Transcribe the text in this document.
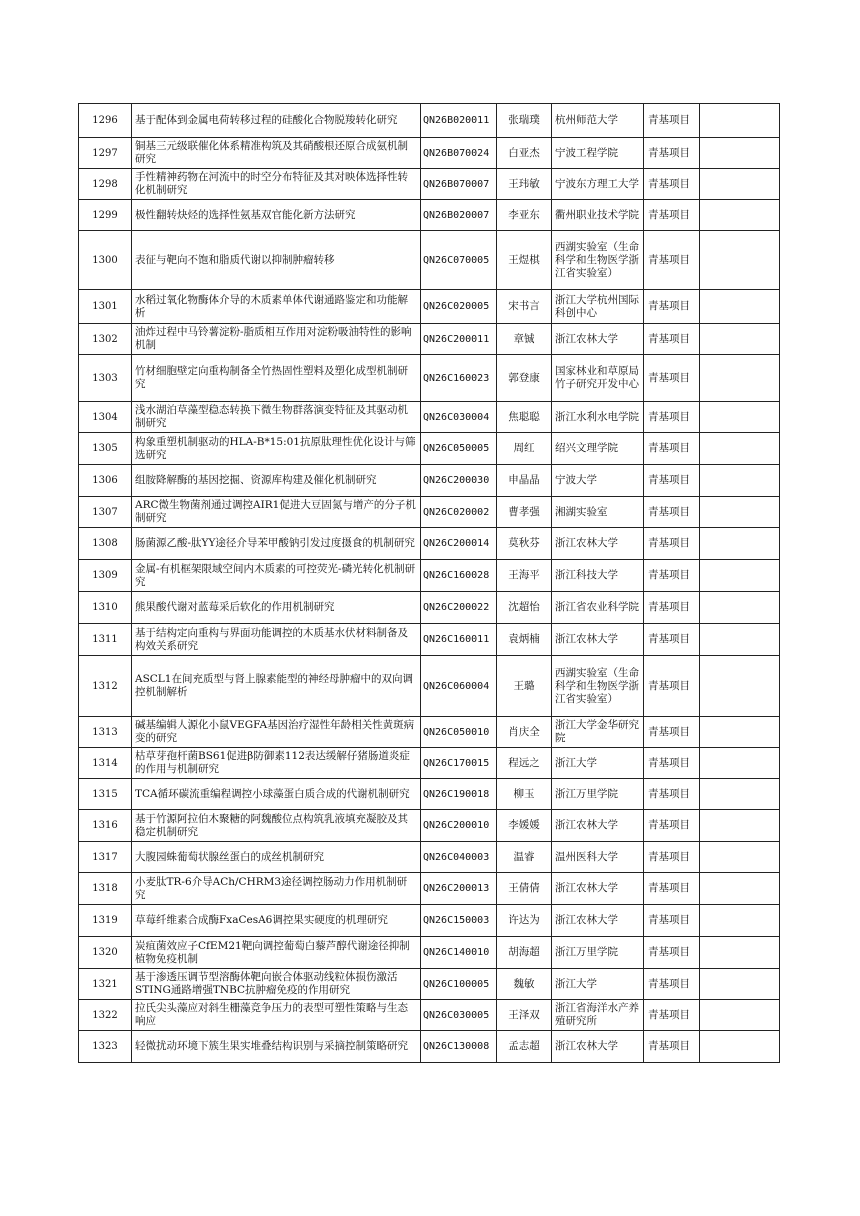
1296	基于配体到金属电荷转移过程的硅酸化合物脱羧转化研究	QN26B020011	张瑞璞	杭州师范大学	青基项目	
1297	铜基三元级联催化体系精准构筑及其硝酸根还原合成氨机制研究	QN26B070024	白亚杰	宁波工程学院	青基项目	
1298	手性精神药物在河流中的时空分布特征及其对映体选择性转化机制研究	QN26B070007	王玮敏	宁波东方理工大学	青基项目	
1299	极性翻转炔烃的选择性氨基双官能化新方法研究	QN26B020007	李亚东	衢州职业技术学院	青基项目	
1300	表征与靶向不饱和脂质代谢以抑制肿瘤转移	QN26C070005	王煜棋	西湖实验室（生命科学和生物医学浙江省实验室）	青基项目	
1301	水稻过氧化物酶体介导的木质素单体代谢通路鉴定和功能解析	QN26C020005	宋书言	浙江大学杭州国际科创中心	青基项目	
1302	油炸过程中马铃薯淀粉-脂质相互作用对淀粉吸油特性的影响机制	QN26C200011	章铖	浙江农林大学	青基项目	
1303	竹材细胞壁定向重构制备全竹热固性塑料及塑化成型机制研究	QN26C160023	郭登康	国家林业和草原局竹子研究开发中心	青基项目	
1304	浅水湖泊草藻型稳态转换下微生物群落演变特征及其驱动机制研究	QN26C030004	焦聪聪	浙江水利水电学院	青基项目	
1305	构象重塑机制驱动的HLA-B*15:01抗原肽理性优化设计与筛选研究	QN26C050005	周红	绍兴文理学院	青基项目	
1306	组胺降解酶的基因挖掘、资源库构建及催化机制研究	QN26C200030	申晶晶	宁波大学	青基项目	
1307	ARC微生物菌剂通过调控AIR1促进大豆固氮与增产的分子机制研究	QN26C020002	曹孝强	湘湖实验室	青基项目	
1308	肠菌源乙酸-肽YY途径介导苯甲酸钠引发过度摄食的机制研究	QN26C200014	莫秋芬	浙江农林大学	青基项目	
1309	金属-有机框架限域空间内木质素的可控荧光-磷光转化机制研究	QN26C160028	王海平	浙江科技大学	青基项目	
1310	熊果酸代谢对蓝莓采后软化的作用机制研究	QN26C200022	沈超怡	浙江省农业科学院	青基项目	
1311	基于结构定向重构与界面功能调控的木质基水伏材料制备及构效关系研究	QN26C160011	袁炳楠	浙江农林大学	青基项目	
1312	ASCL1在间充质型与肾上腺素能型的神经母肿瘤中的双向调控机制解析	QN26C060004	王璐	西湖实验室（生命科学和生物医学浙江省实验室）	青基项目	
1313	碱基编辑人源化小鼠VEGFA基因治疗湿性年龄相关性黄斑病变的研究	QN26C050010	肖庆全	浙江大学金华研究院	青基项目	
1314	枯草芽孢杆菌BS61促进β防御素112表达缓解仔猪肠道炎症的作用与机制研究	QN26C170015	程远之	浙江大学	青基项目	
1315	TCA循环碳流重编程调控小球藻蛋白质合成的代谢机制研究	QN26C190018	柳玉	浙江万里学院	青基项目	
1316	基于竹源阿拉伯木聚糖的阿魏酸位点构筑乳液填充凝胶及其稳定机制研究	QN26C200010	李媛媛	浙江农林大学	青基项目	
1317	大腹园蛛葡萄状腺丝蛋白的成丝机制研究	QN26C040003	温睿	温州医科大学	青基项目	
1318	小麦肽TR-6介导ACh/CHRM3途径调控肠动力作用机制研究	QN26C200013	王倩倩	浙江农林大学	青基项目	
1319	草莓纤维素合成酶FxaCesA6调控果实硬度的机理研究	QN26C150003	许达为	浙江农林大学	青基项目	
1320	炭疽菌效应子CfEM21靶向调控葡萄白藜芦醇代谢途径抑制植物免疫机制	QN26C140010	胡海超	浙江万里学院	青基项目	
1321	基于渗透压调节型溶酶体靶向嵌合体驱动线粒体损伤激活STING通路增强TNBC抗肿瘤免疫的作用研究	QN26C100005	魏敏	浙江大学	青基项目	
1322	拉氏尖头藻应对斜生栅藻竞争压力的表型可塑性策略与生态响应	QN26C030005	王泽双	浙江省海洋水产养殖研究所	青基项目	
1323	轻微扰动环境下簇生果实堆叠结构识别与采摘控制策略研究	QN26C130008	孟志超	浙江农林大学	青基项目	
